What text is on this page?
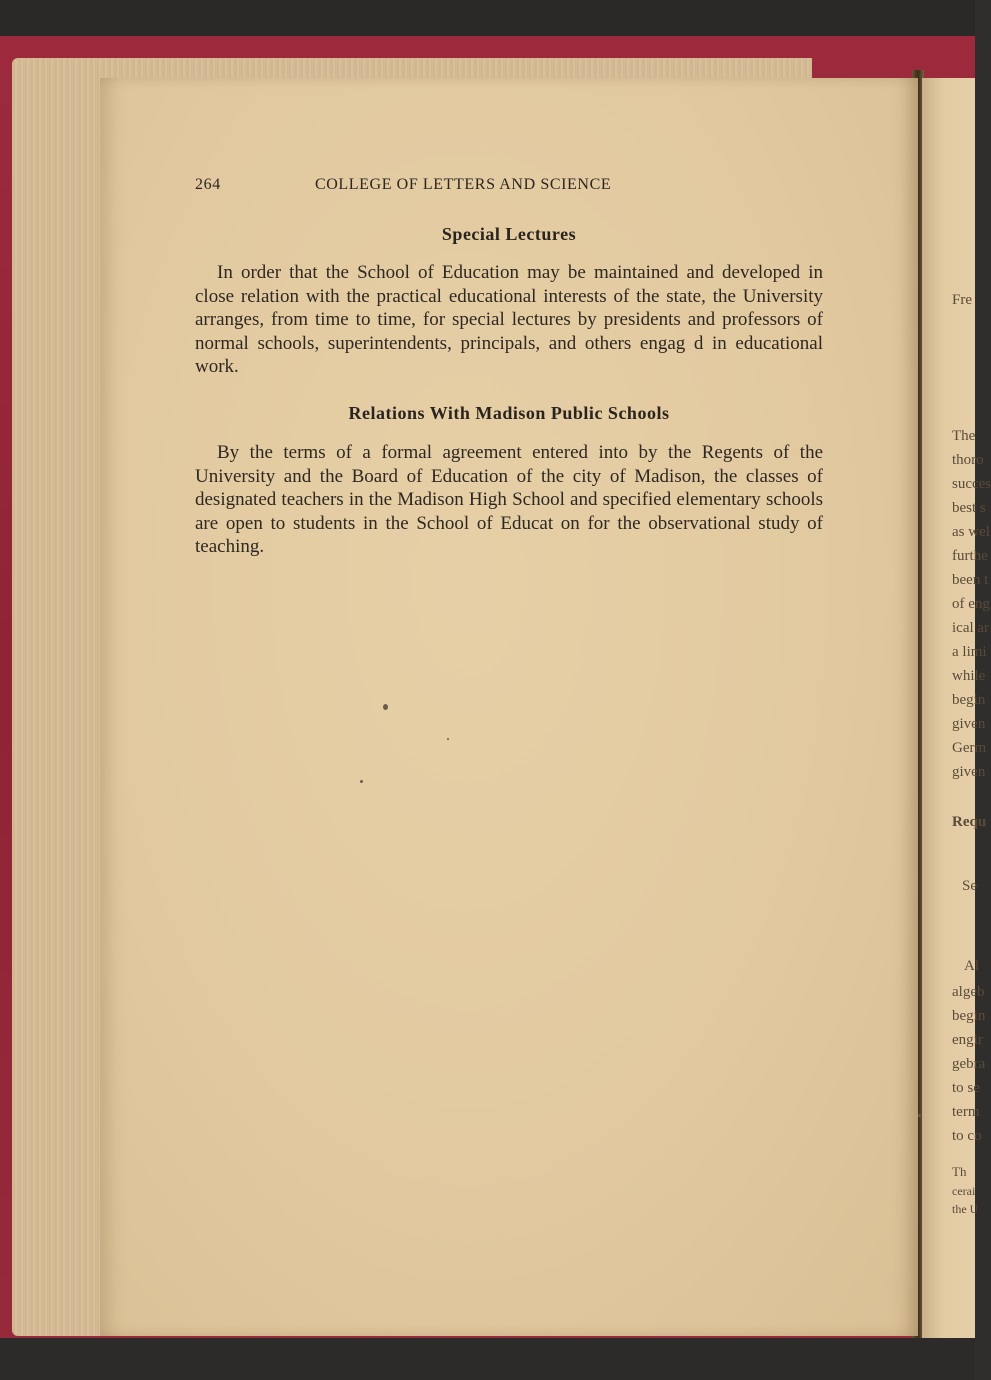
Fre
The
thoro
succes
best s
as wel
furthe
been t
of eng
ical ar
a limi
while
begin
given
Germ
given
Requ
Se
Al
algeb
begin
engir
gebra
to se
term
to co
Th
cerai
the U
264	COLLEGE OF LETTERS AND SCIENCE
Special Lectures
In order that the School of Education may be maintained and developed in close relation with the practical educational interests of the state, the University arranges, from time to time, for special lectures by presidents and professors of normal schools, superintendents, principals, and others engag d in educational work.
Relations With Madison Public Schools
By the terms of a formal agreement entered into by the Regents of the University and the Board of Education of the city of Madison, the classes of designated teachers in the Madison High School and specified elementary schools are open to students in the School of Educat on for the observational study of teaching.
